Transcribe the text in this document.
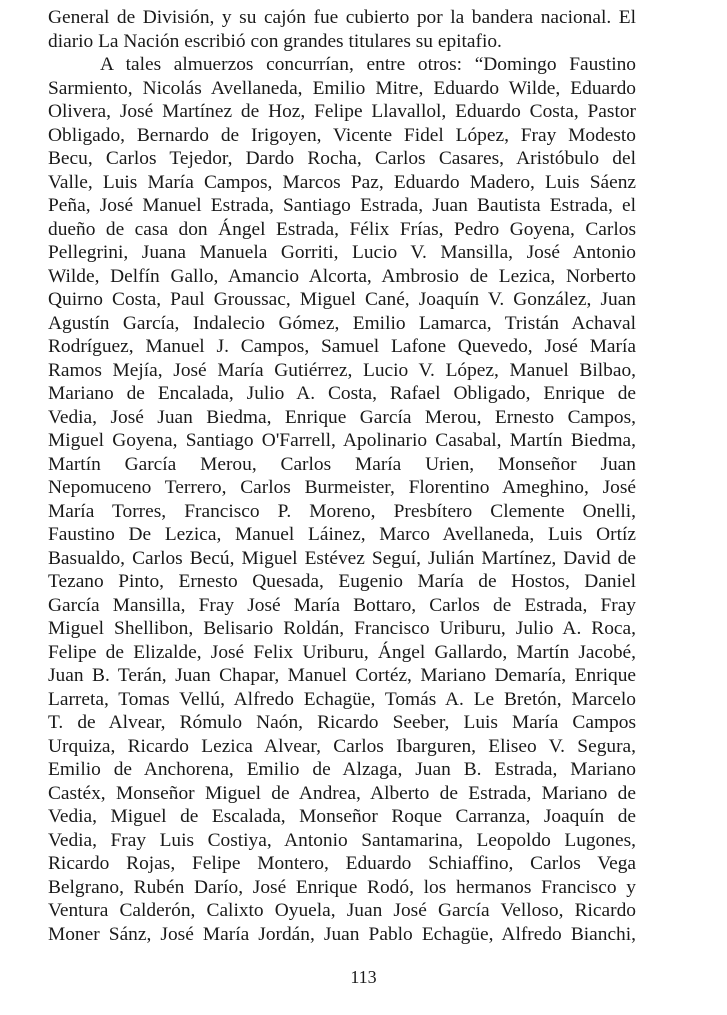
General de División, y su cajón fue cubierto por la bandera nacional. El
diario La Nación escribió con grandes titulares su epitafio.
A tales almuerzos concurrían, entre otros: “Domingo Faustino
Sarmiento, Nicolás Avellaneda, Emilio Mitre, Eduardo Wilde, Eduardo
Olivera, José Martínez de Hoz, Felipe Llavallol, Eduardo Costa, Pastor
Obligado, Bernardo de Irigoyen, Vicente Fidel López, Fray Modesto
Becu, Carlos Tejedor, Dardo Rocha, Carlos Casares, Aristóbulo del
Valle, Luis María Campos, Marcos Paz, Eduardo Madero, Luis Sáenz
Peña, José Manuel Estrada, Santiago Estrada, Juan Bautista Estrada, el
dueño de casa don Ángel Estrada, Félix Frías, Pedro Goyena, Carlos
Pellegrini, Juana Manuela Gorriti, Lucio V. Mansilla, José Antonio
Wilde, Delfín Gallo, Amancio Alcorta, Ambrosio de Lezica, Norberto
Quirno Costa, Paul Groussac, Miguel Cané, Joaquín V. González, Juan
Agustín García, Indalecio Gómez, Emilio Lamarca, Tristán Achaval
Rodríguez, Manuel J. Campos, Samuel Lafone Quevedo, José María
Ramos Mejía, José María Gutiérrez, Lucio V. López, Manuel Bilbao,
Mariano de Encalada, Julio A. Costa, Rafael Obligado, Enrique de
Vedia, José Juan Biedma, Enrique García Merou, Ernesto Campos,
Miguel Goyena, Santiago O'Farrell, Apolinario Casabal, Martín Biedma,
Martín García Merou, Carlos María Urien, Monseñor Juan
Nepomuceno Terrero, Carlos Burmeister, Florentino Ameghino, José
María Torres, Francisco P. Moreno, Presbítero Clemente Onelli,
Faustino De Lezica, Manuel Láinez, Marco Avellaneda, Luis Ortíz
Basualdo, Carlos Becú, Miguel Estévez Seguí, Julián Martínez, David de
Tezano Pinto, Ernesto Quesada, Eugenio María de Hostos, Daniel
García Mansilla, Fray José María Bottaro, Carlos de Estrada, Fray
Miguel Shellibon, Belisario Roldán, Francisco Uriburu, Julio A. Roca,
Felipe de Elizalde, José Felix Uriburu, Ángel Gallardo, Martín Jacobé,
Juan B. Terán, Juan Chapar, Manuel Cortéz, Mariano Demaría, Enrique
Larreta, Tomas Vellú, Alfredo Echagüe, Tomás A. Le Bretón, Marcelo
T. de Alvear, Rómulo Naón, Ricardo Seeber, Luis María Campos
Urquiza, Ricardo Lezica Alvear, Carlos Ibarguren, Eliseo V. Segura,
Emilio de Anchorena, Emilio de Alzaga, Juan B. Estrada, Mariano
Castéx, Monseñor Miguel de Andrea, Alberto de Estrada, Mariano de
Vedia, Miguel de Escalada, Monseñor Roque Carranza, Joaquín de
Vedia, Fray Luis Costiya, Antonio Santamarina, Leopoldo Lugones,
Ricardo Rojas, Felipe Montero, Eduardo Schiaffino, Carlos Vega
Belgrano, Rubén Darío, José Enrique Rodó, los hermanos Francisco y
Ventura Calderón, Calixto Oyuela, Juan José García Velloso, Ricardo
Moner Sánz, José María Jordán, Juan Pablo Echagüe, Alfredo Bianchi,
113
